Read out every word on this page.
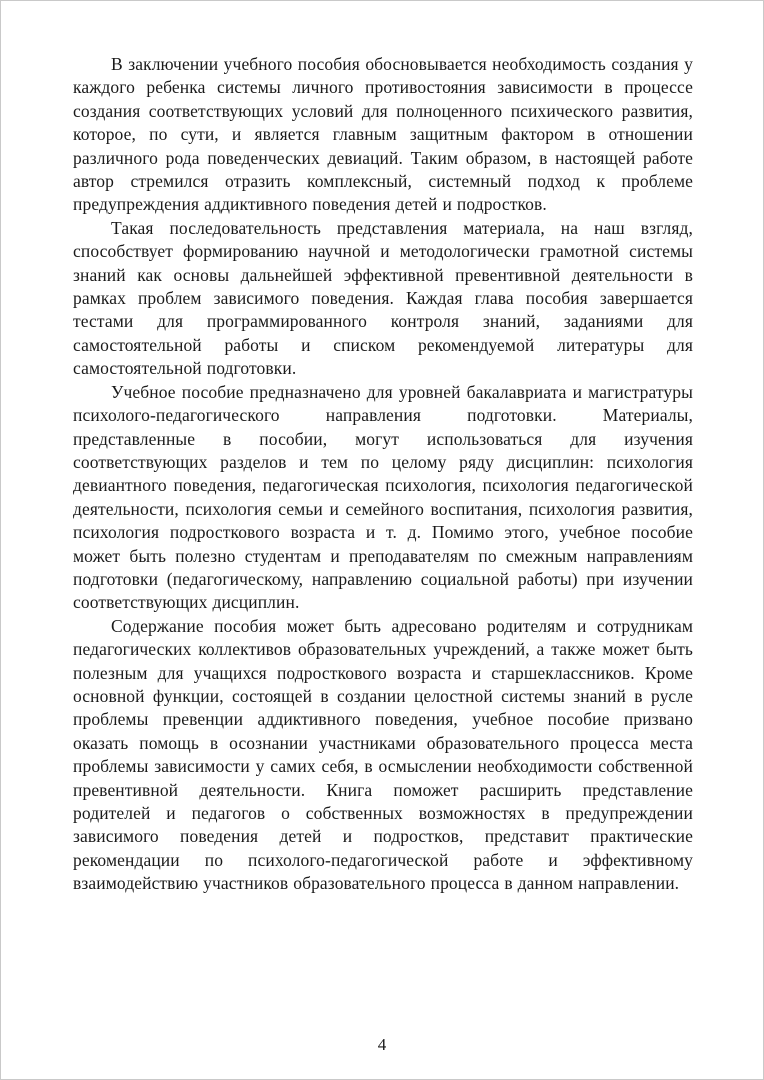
В заключении учебного пособия обосновывается необходимость создания у каждого ребенка системы личного противостояния зависимости в процессе создания соответствующих условий для полноценного психического развития, которое, по сути, и является главным защитным фактором в отношении различного рода поведенческих девиаций. Таким образом, в настоящей работе автор стремился отразить комплексный, системный подход к проблеме предупреждения аддиктивного поведения детей и подростков.

Такая последовательность представления материала, на наш взгляд, способствует формированию научной и методологически грамотной системы знаний как основы дальнейшей эффективной превентивной деятельности в рамках проблем зависимого поведения. Каждая глава пособия завершается тестами для программированного контроля знаний, заданиями для самостоятельной работы и списком рекомендуемой литературы для самостоятельной подготовки.

Учебное пособие предназначено для уровней бакалавриата и магистратуры психолого-педагогического направления подготовки. Материалы, представленные в пособии, могут использоваться для изучения соответствующих разделов и тем по целому ряду дисциплин: психология девиантного поведения, педагогическая психология, психология педагогической деятельности, психология семьи и семейного воспитания, психология развития, психология подросткового возраста и т. д. Помимо этого, учебное пособие может быть полезно студентам и преподавателям по смежным направлениям подготовки (педагогическому, направлению социальной работы) при изучении соответствующих дисциплин.

Содержание пособия может быть адресовано родителям и сотрудникам педагогических коллективов образовательных учреждений, а также может быть полезным для учащихся подросткового возраста и старшеклассников. Кроме основной функции, состоящей в создании целостной системы знаний в русле проблемы превенции аддиктивного поведения, учебное пособие призвано оказать помощь в осознании участниками образовательного процесса места проблемы зависимости у самих себя, в осмыслении необходимости собственной превентивной деятельности. Книга поможет расширить представление родителей и педагогов о собственных возможностях в предупреждении зависимого поведения детей и подростков, представит практические рекомендации по психолого-педагогической работе и эффективному взаимодействию участников образовательного процесса в данном направлении.

4
